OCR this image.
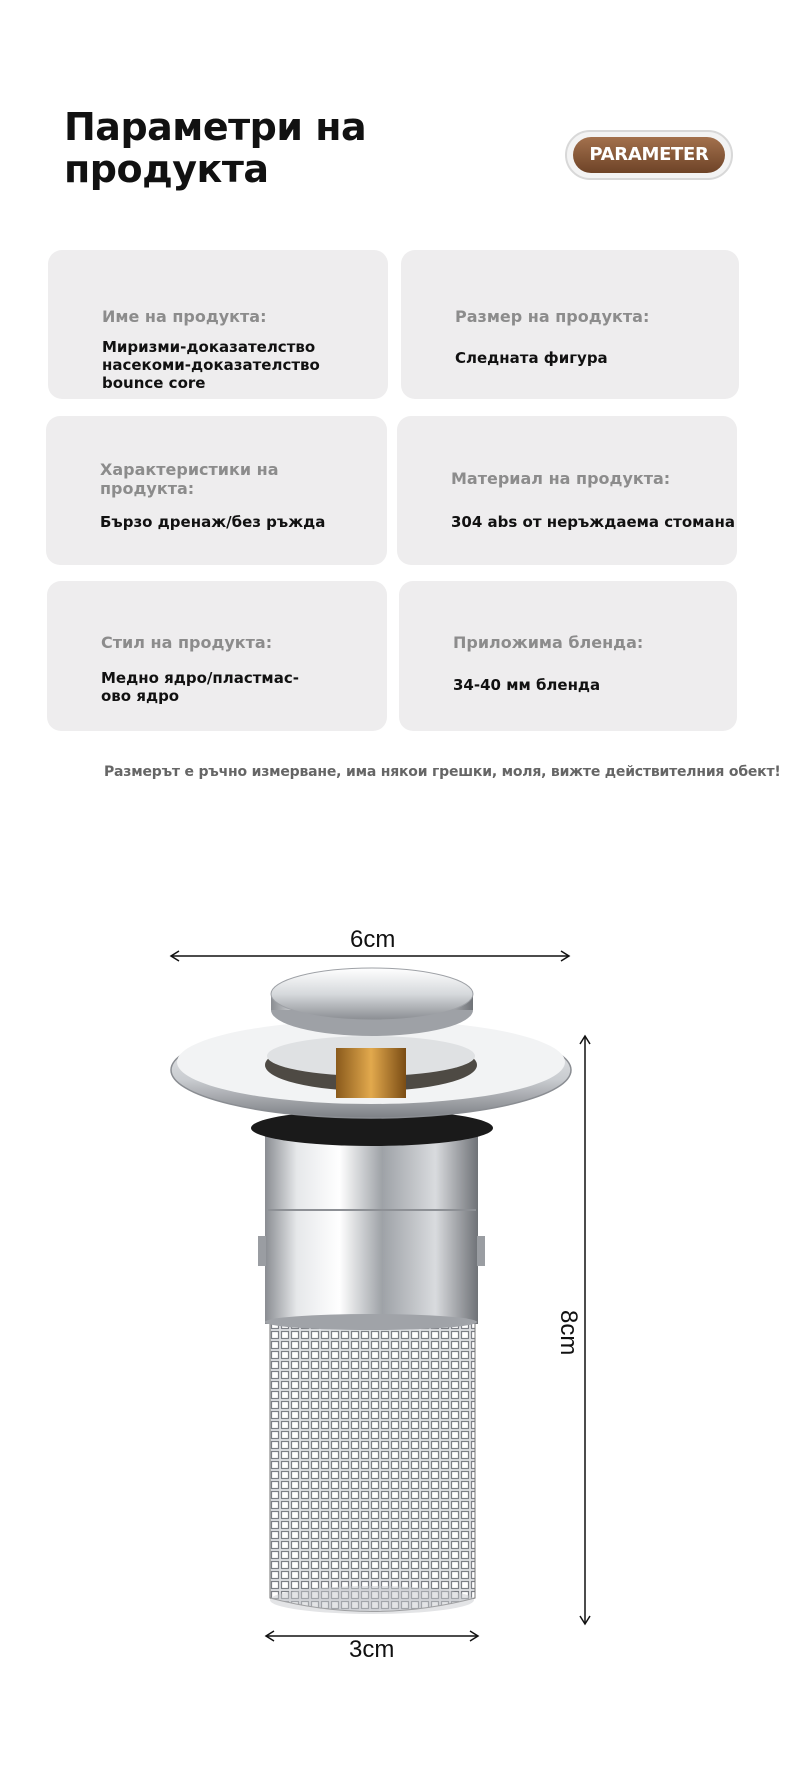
Параметри на
продукта	PARAMETER
Име на продукта:
Миризми-доказателство
насекоми-доказателство
bounce core
Размер на продукта:
Следната фигура
Характеристики на
продукта:
Бързо дренаж/без ръжда
Материал на продукта:
304 abs от неръждаема стомана
Стил на продукта:
Медно ядро/пластмас-
ово ядро
Приложима бленда:
34-40 мм бленда
Размерът е ръчно измерване, има някои грешки, моля, вижте действителния обект!
6cm
8cm
3cm
